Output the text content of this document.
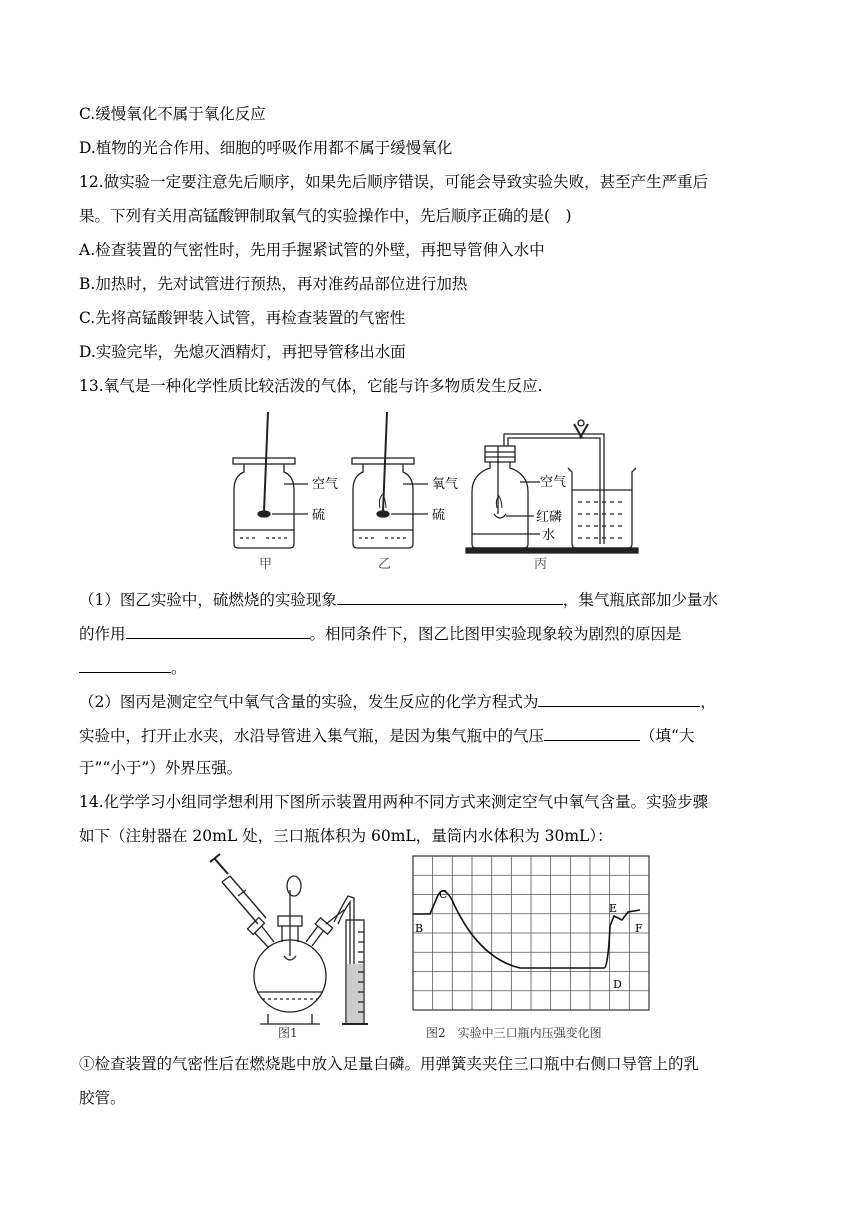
C.缓慢氧化不属于氧化反应
D.植物的光合作用、细胞的呼吸作用都不属于缓慢氧化
12.做实验一定要注意先后顺序，如果先后顺序错误，可能会导致实验失败，甚至产生严重后
果。下列有关用高锰酸钾制取氧气的实验操作中，先后顺序正确的是(　)
A.检查装置的气密性时，先用手握紧试管的外壁，再把导管伸入水中
B.加热时，先对试管进行预热，再对准药品部位进行加热
C.先将高锰酸钾装入试管，再检查装置的气密性
D.实验完毕，先熄灭酒精灯，再把导管移出水面
13.氧气是一种化学性质比较活泼的气体，它能与许多物质发生反应.
空气
硫
甲
氧气
硫
乙
空气
红磷
水
丙
（1）图乙实验中，硫燃烧的实验现象	，集气瓶底部加少量水
的作用	。相同条件下，图乙比图甲实验现象较为剧烈的原因是
。
（2）图丙是测定空气中氧气含量的实验，发生反应的化学方程式为	，
实验中，打开止水夹，水沿导管进入集气瓶，是因为集气瓶中的气压	（填“大
于”“小于”）外界压强。
14.化学学习小组同学想利用下图所示装置用两种不同方式来测定空气中氧气含量。实验步骤
如下（注射器在 20mL 处，三口瓶体积为 60mL，量筒内水体积为 30mL）：
图1
B
C
D
E
F
图2　实验中三口瓶内压强变化图
①检查装置的气密性后在燃烧匙中放入足量白磷。用弹簧夹夹住三口瓶中右侧口导管上的乳
胶管。
